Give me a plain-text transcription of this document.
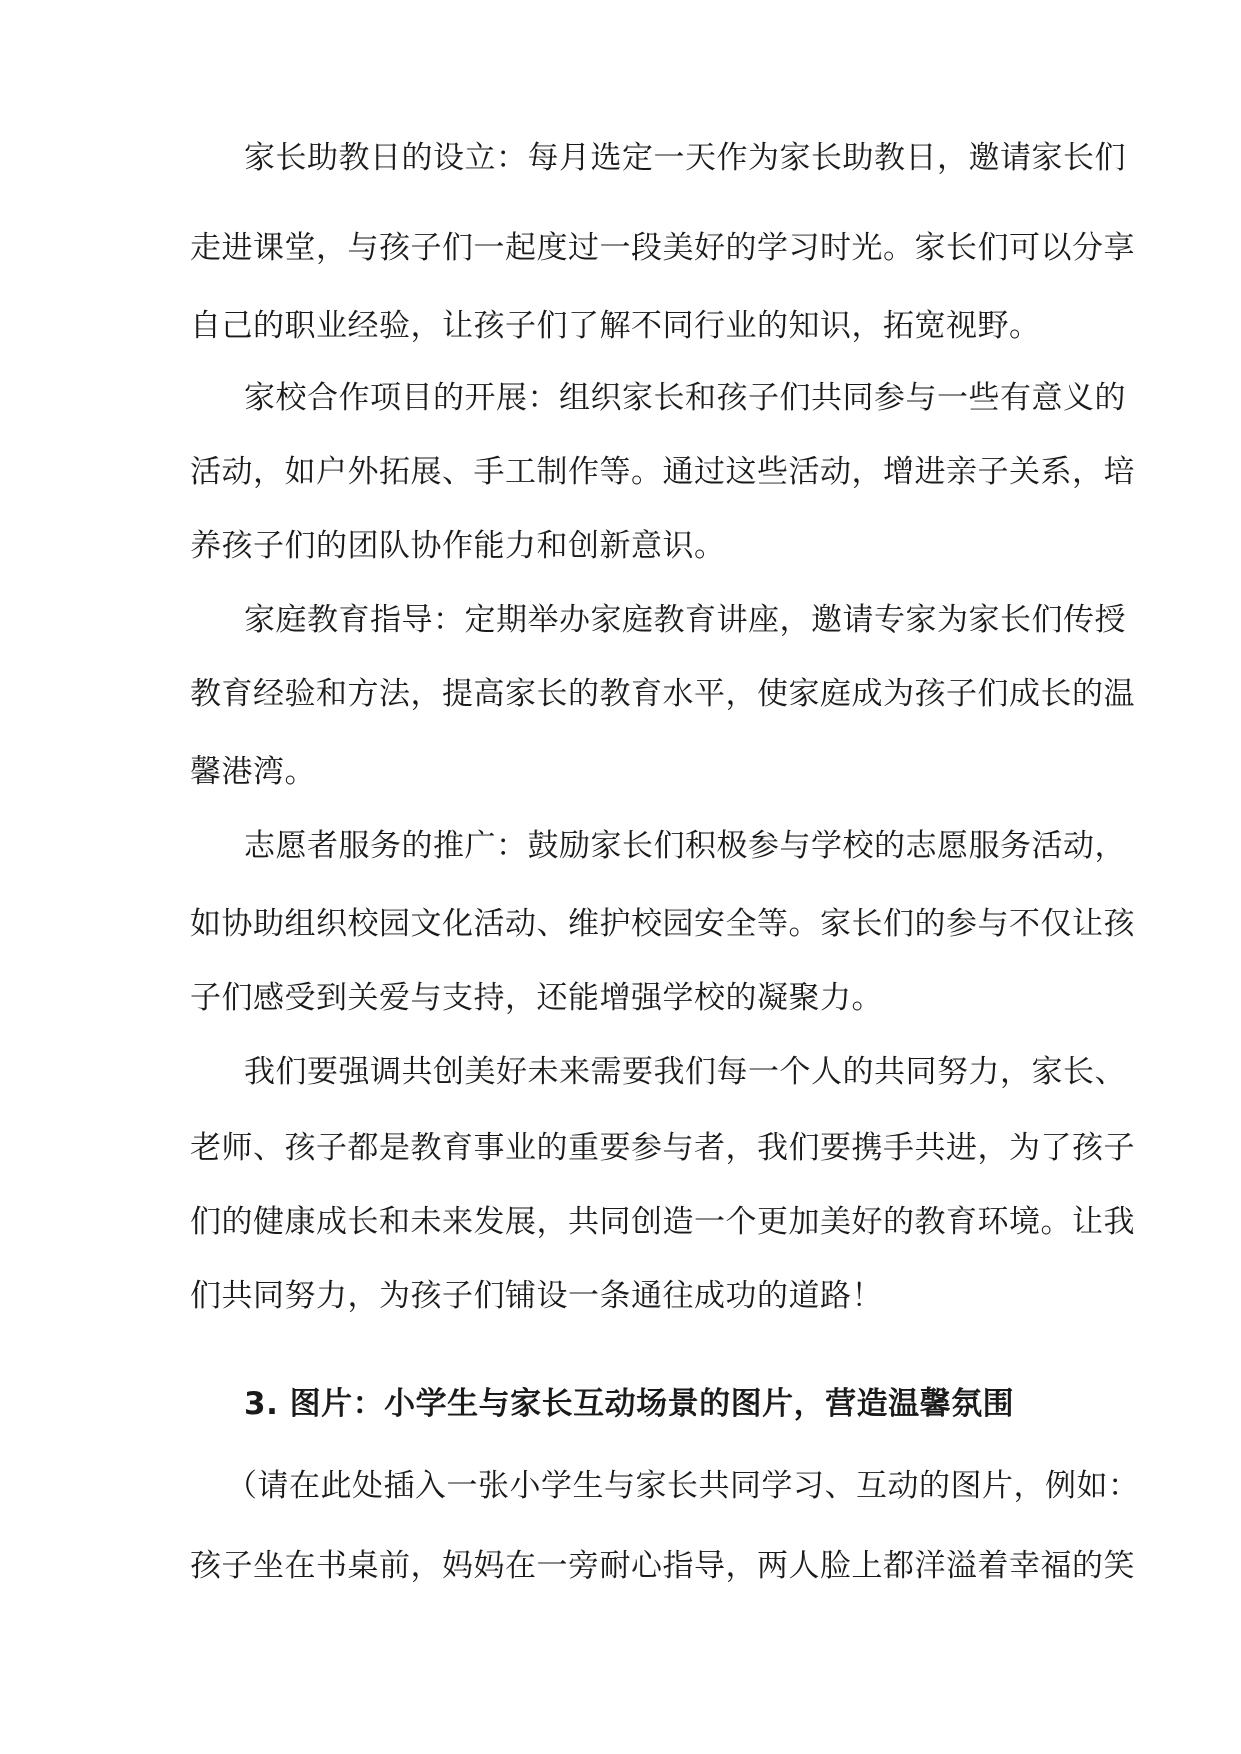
家长助教日的设立：每月选定一天作为家长助教日，邀请家长们
走进课堂，与孩子们一起度过一段美好的学习时光。家长们可以分享
自己的职业经验，让孩子们了解不同行业的知识，拓宽视野。
家校合作项目的开展：组织家长和孩子们共同参与一些有意义的
活动，如户外拓展、手工制作等。通过这些活动，增进亲子关系，培
养孩子们的团队协作能力和创新意识。
家庭教育指导：定期举办家庭教育讲座，邀请专家为家长们传授
教育经验和方法，提高家长的教育水平，使家庭成为孩子们成长的温
馨港湾。
志愿者服务的推广：鼓励家长们积极参与学校的志愿服务活动，
如协助组织校园文化活动、维护校园安全等。家长们的参与不仅让孩
子们感受到关爱与支持，还能增强学校的凝聚力。
我们要强调共创美好未来需要我们每一个人的共同努力，家长、
老师、孩子都是教育事业的重要参与者，我们要携手共进，为了孩子
们的健康成长和未来发展，共同创造一个更加美好的教育环境。让我
们共同努力，为孩子们铺设一条通往成功的道路！
3. 图片：小学生与家长互动场景的图片，营造温馨氛围
（请在此处插入一张小学生与家长共同学习、互动的图片，例如：
孩子坐在书桌前，妈妈在一旁耐心指导，两人脸上都洋溢着幸福的笑
